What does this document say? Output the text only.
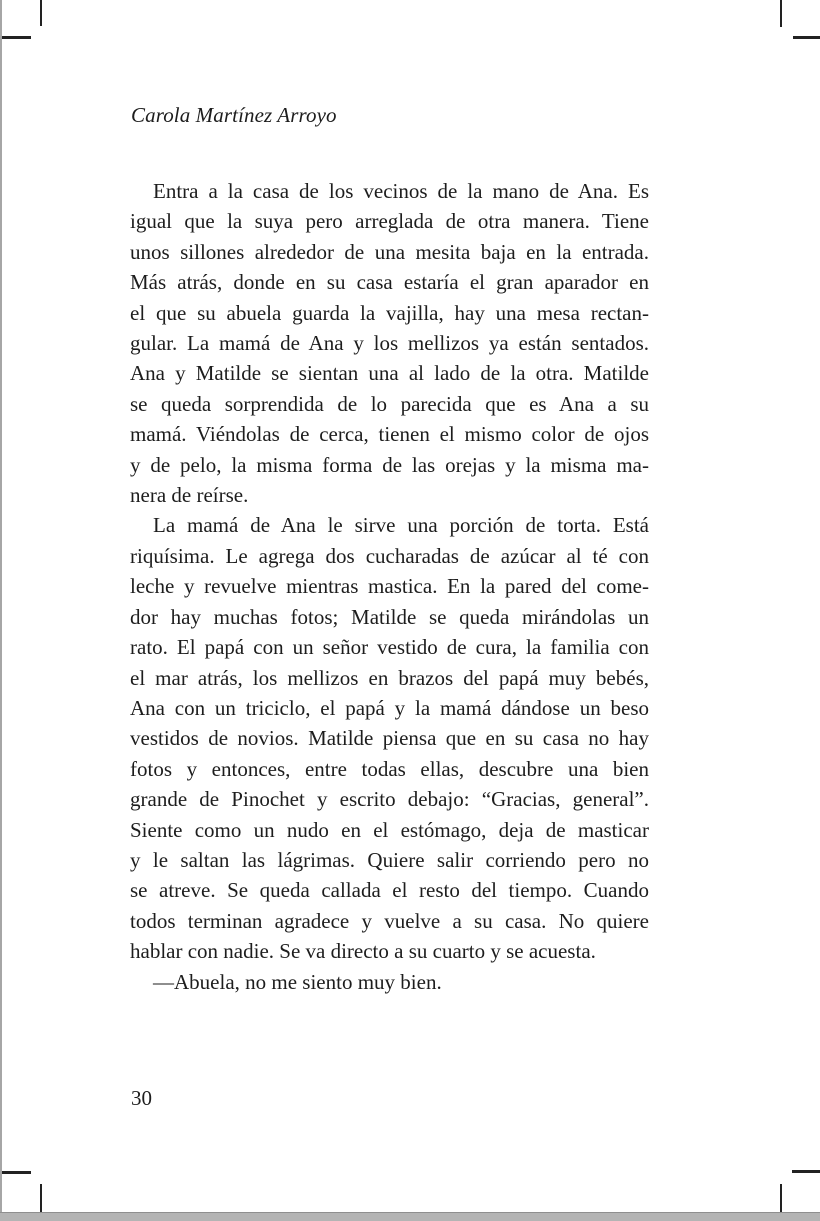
Carola Martínez Arroyo
Entra a la casa de los vecinos de la mano de Ana. Es
igual que la suya pero arreglada de otra manera. Tiene
unos sillones alrededor de una mesita baja en la entrada.
Más atrás, donde en su casa estaría el gran aparador en
el que su abuela guarda la vajilla, hay una mesa rectan-
gular. La mamá de Ana y los mellizos ya están sentados.
Ana y Matilde se sientan una al lado de la otra. Matilde
se queda sorprendida de lo parecida que es Ana a su
mamá. Viéndolas de cerca, tienen el mismo color de ojos
y de pelo, la misma forma de las orejas y la misma ma-
nera de reírse.
La mamá de Ana le sirve una porción de torta. Está
riquísima. Le agrega dos cucharadas de azúcar al té con
leche y revuelve mientras mastica. En la pared del come-
dor hay muchas fotos; Matilde se queda mirándolas un
rato. El papá con un señor vestido de cura, la familia con
el mar atrás, los mellizos en brazos del papá muy bebés,
Ana con un triciclo, el papá y la mamá dándose un beso
vestidos de novios. Matilde piensa que en su casa no hay
fotos y entonces, entre todas ellas, descubre una bien
grande de Pinochet y escrito debajo: “Gracias, general”.
Siente como un nudo en el estómago, deja de masticar
y le saltan las lágrimas. Quiere salir corriendo pero no
se atreve. Se queda callada el resto del tiempo. Cuando
todos terminan agradece y vuelve a su casa. No quiere
hablar con nadie. Se va directo a su cuarto y se acuesta.
—Abuela, no me siento muy bien.
30
